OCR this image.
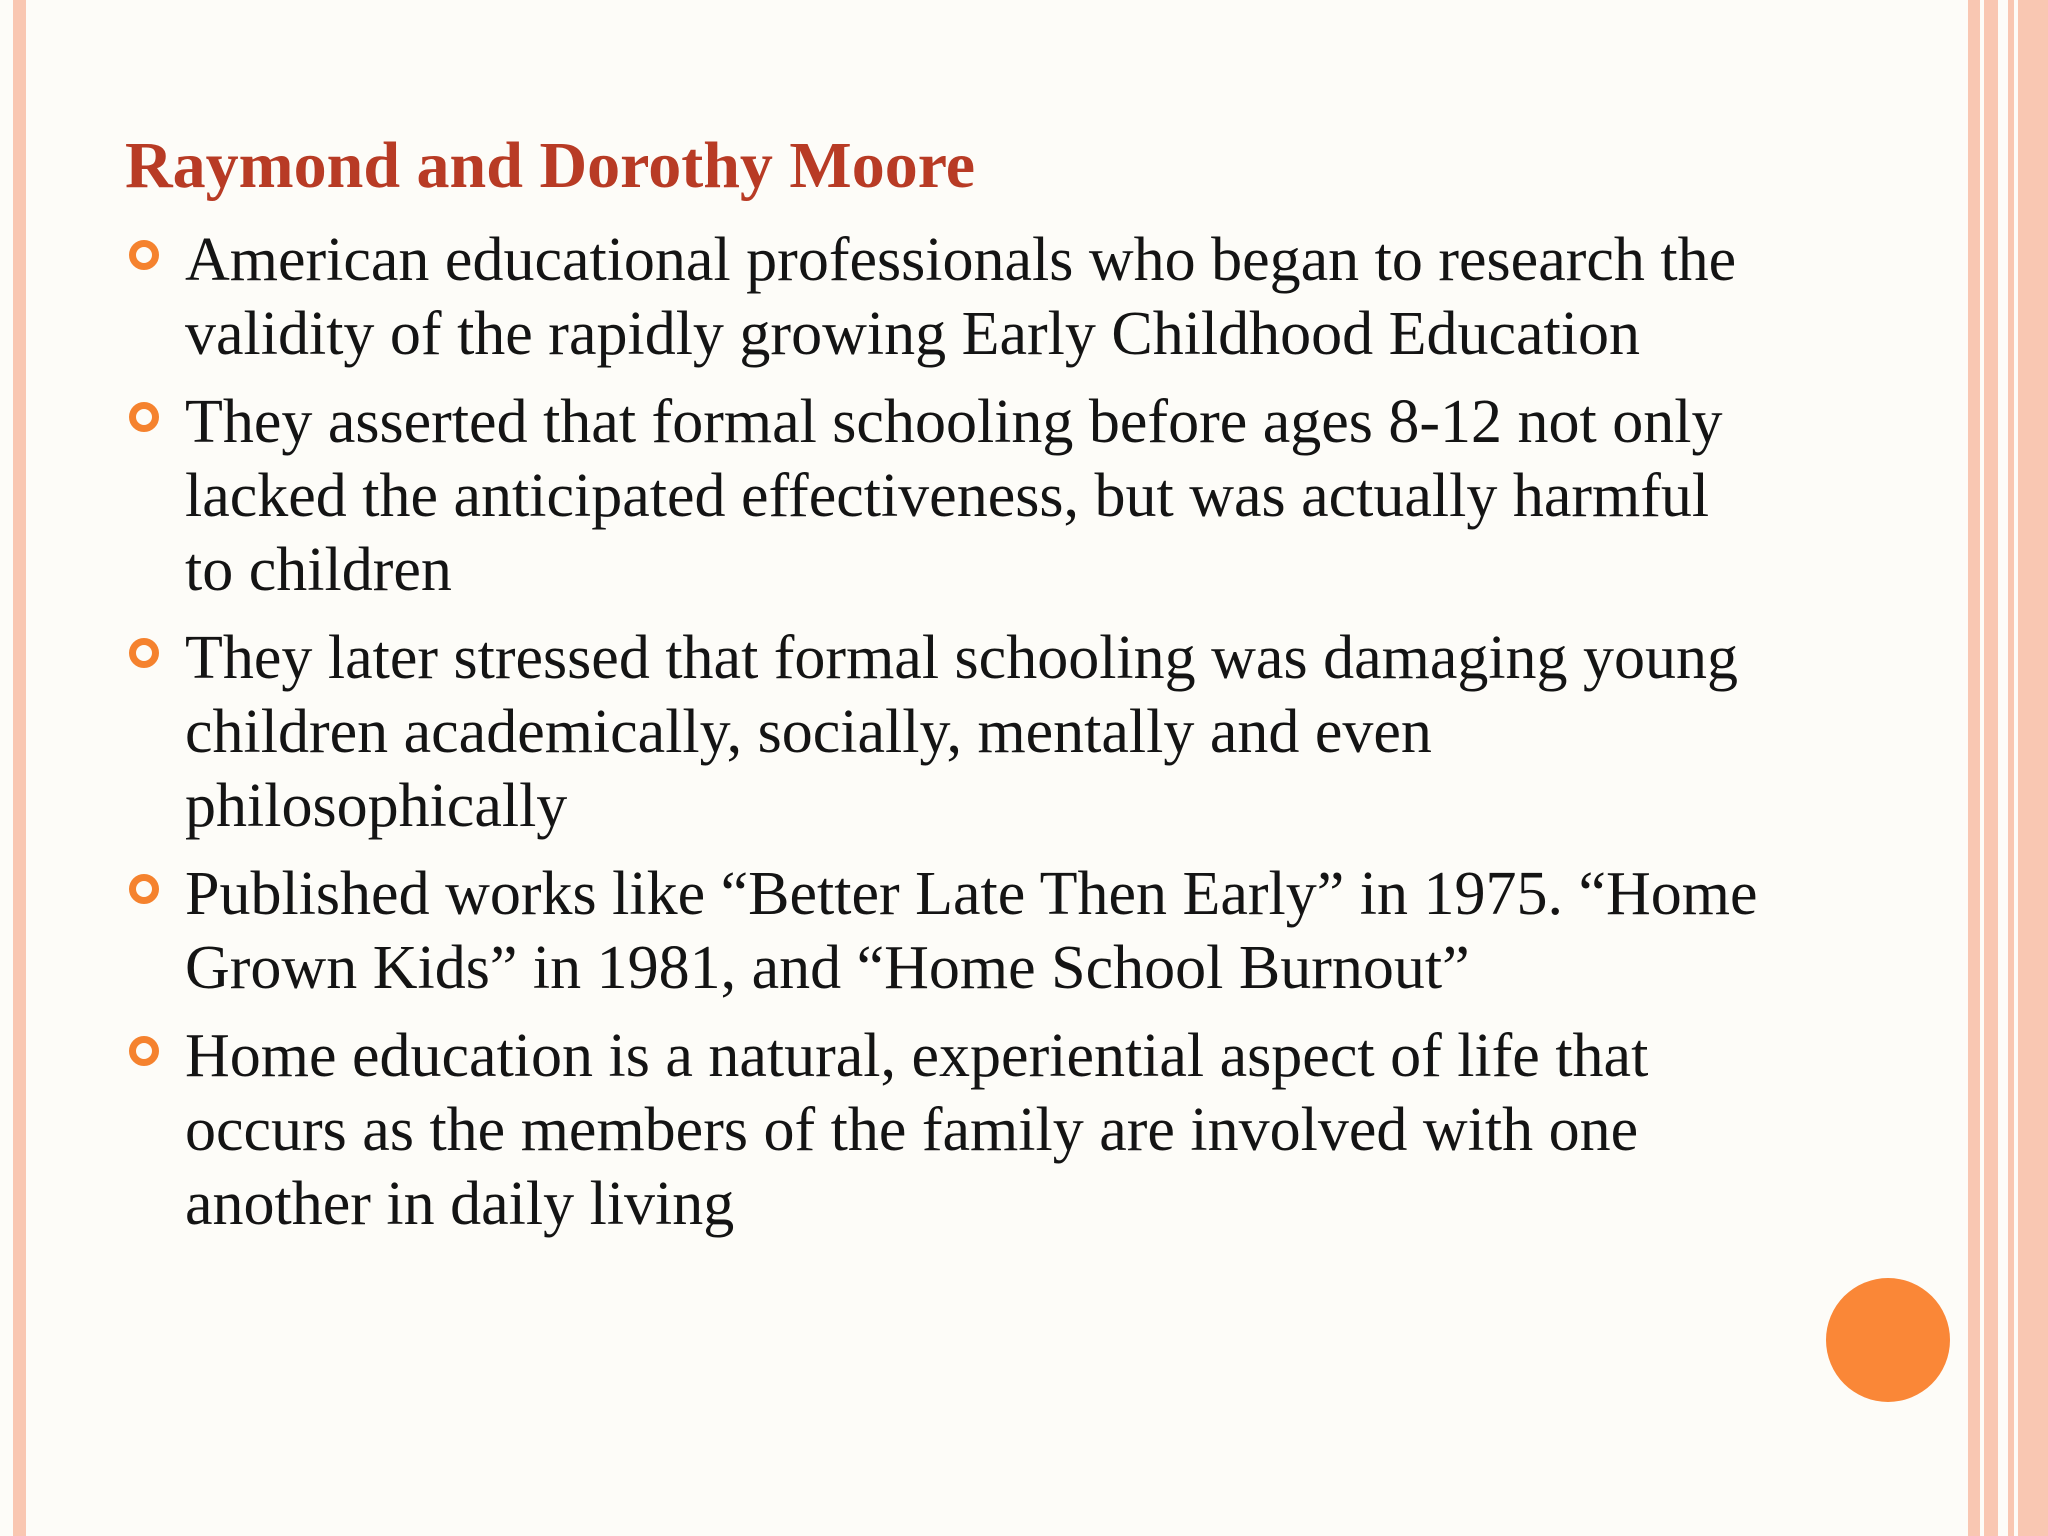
Raymond and Dorothy Moore
American educational professionals who began to research the validity of the rapidly growing Early Childhood Education
They asserted that formal schooling before ages 8-12 not only lacked the anticipated effectiveness, but was actually harmful to children
They later stressed that formal schooling was damaging young children academically, socially, mentally and even philosophically
Published works like “Better Late Then Early” in 1975. “Home Grown Kids” in 1981, and “Home School Burnout”
Home education is a natural, experiential aspect of life that occurs as the members of the family are involved with one another in daily living
